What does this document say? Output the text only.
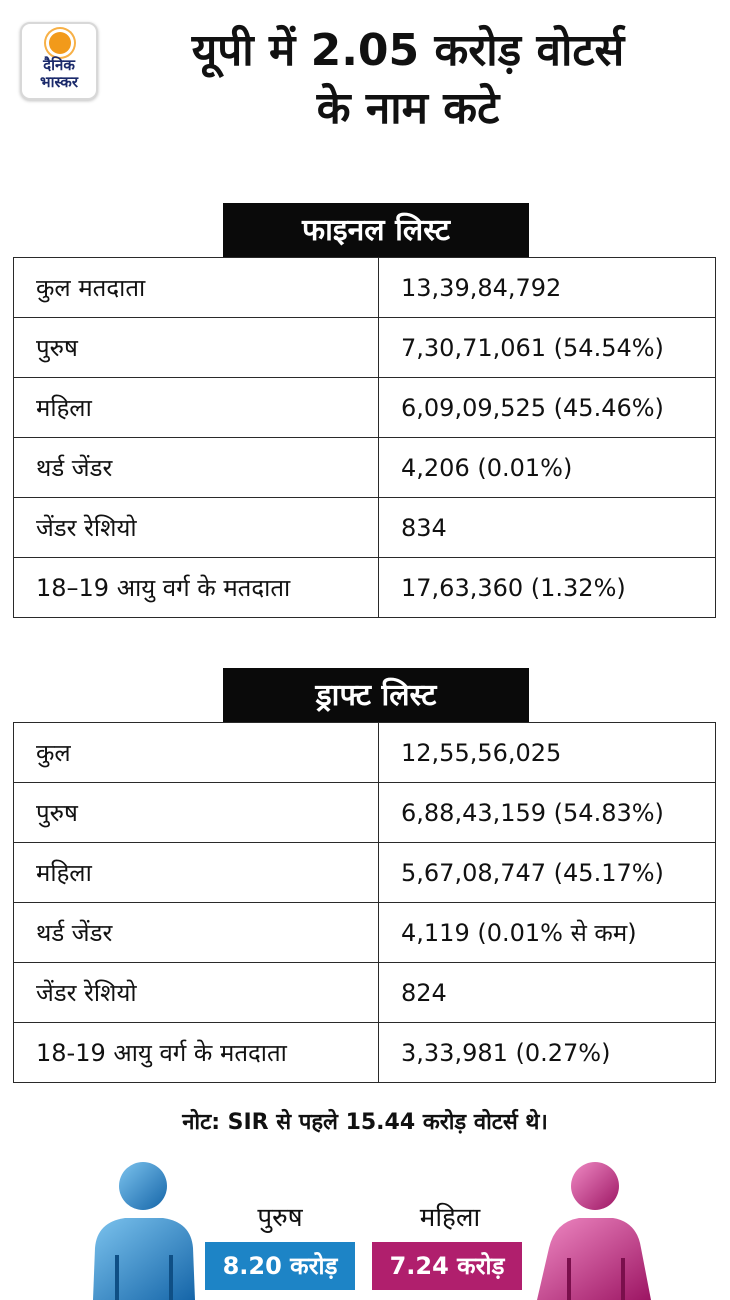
दैनिक
भास्कर
यूपी में 2.05 करोड़ वोटर्स
के नाम कटे
फाइनल लिस्ट
कुल मतदाता	13,39,84,792
पुरुष	7,30,71,061 (54.54%)
महिला	6,09,09,525 (45.46%)
थर्ड जेंडर	4,206 (0.01%)
जेंडर रेशियो	834
18–19 आयु वर्ग के मतदाता	17,63,360 (1.32%)
ड्राफ्ट लिस्ट
कुल	12,55,56,025
पुरुष	6,88,43,159 (54.83%)
महिला	5,67,08,747 (45.17%)
थर्ड जेंडर	4,119 (0.01% से कम)
जेंडर रेशियो	824
18-19 आयु वर्ग के मतदाता	3,33,981 (0.27%)
नोट: SIR से पहले 15.44 करोड़ वोटर्स थे।
पुरुष
8.20 करोड़
महिला
7.24 करोड़
